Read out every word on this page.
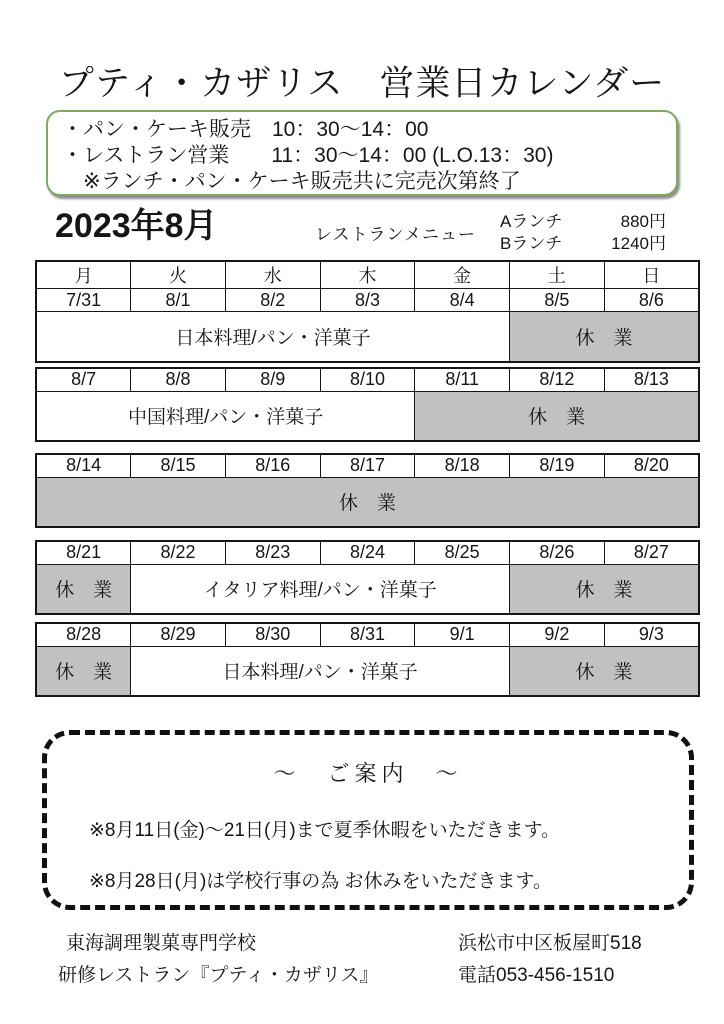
プティ・カザリス　営業日カレンダー
・パン・ケーキ販売　10：30～14：00
・レストラン営業　　11：30～14：00 (L.O.13：30)
　※ランチ・パン・ケーキ販売共に完売次第終了
2023年8月	レストランメニュー
Aランチ	880円
Bランチ	1240円
月	火	水	木	金	土	日
7/31	8/1	8/2	8/3	8/4	8/5	8/6
日本料理/パン・洋菓子					休　業	
8/7	8/8	8/9	8/10	8/11	8/12	8/13
中国料理/パン・洋菓子				休　業		
8/14	8/15	8/16	8/17	8/18	8/19	8/20
休　業
8/21	8/22	8/23	8/24	8/25	8/26	8/27
休　業	イタリア料理/パン・洋菓子				休　業	
8/28	8/29	8/30	8/31	9/1	9/2	9/3
休　業	日本料理/パン・洋菓子				休　業	
～　ご案内　～
※8月11日(金)～21日(月)まで夏季休暇をいただきます。
※8月28日(月)は学校行事の為 お休みをいただきます。
東海調理製菓専門学校
研修レストラン『プティ・カザリス』
浜松市中区板屋町518
電話053-456-1510
